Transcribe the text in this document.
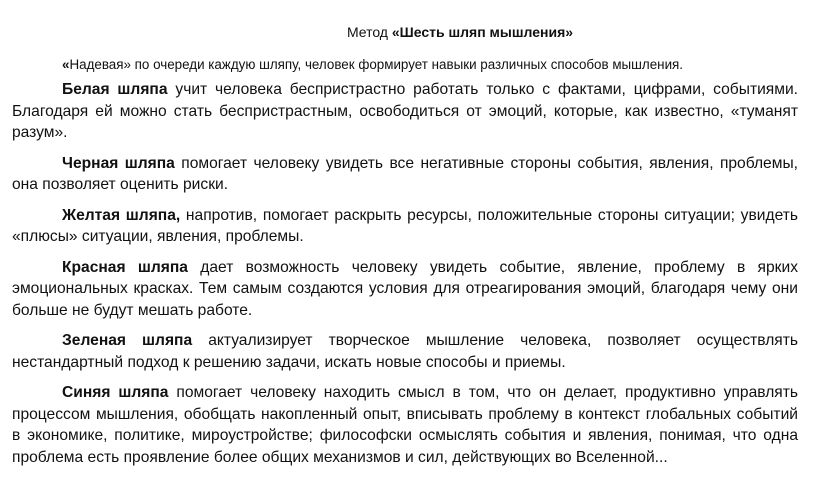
Метод «Шесть шляп мышления»

«Надевая» по очереди каждую шляпу, человек формирует навыки различных способов мышления.

Белая шляпа учит человека беспристрастно работать только с фактами, цифрами, событиями. Благодаря ей можно стать беспристрастным, освободиться от эмоций, которые, как известно, «туманят разум».

Черная шляпа помогает человеку увидеть все негативные стороны события, явления, проблемы, она позволяет оценить риски.

Желтая шляпа, напротив, помогает раскрыть ресурсы, положительные стороны ситуации; увидеть «плюсы» ситуации, явления, проблемы.

Красная шляпа дает возможность человеку увидеть событие, явление, проблему в ярких эмоциональных красках. Тем самым создаются условия для отреагирования эмоций, благодаря чему они больше не будут мешать работе.

Зеленая шляпа актуализирует творческое мышление человека, позволяет осуществлять нестандартный подход к решению задачи, искать новые способы и приемы.

Синяя шляпа помогает человеку находить смысл в том, что он делает, продуктивно управлять процессом мышления, обобщать накопленный опыт, вписывать проблему в контекст глобальных событий в экономике, политике, мироустройстве; философски осмыслять события и явления, понимая, что одна проблема есть проявление более общих механизмов и сил, действующих во Вселенной...
